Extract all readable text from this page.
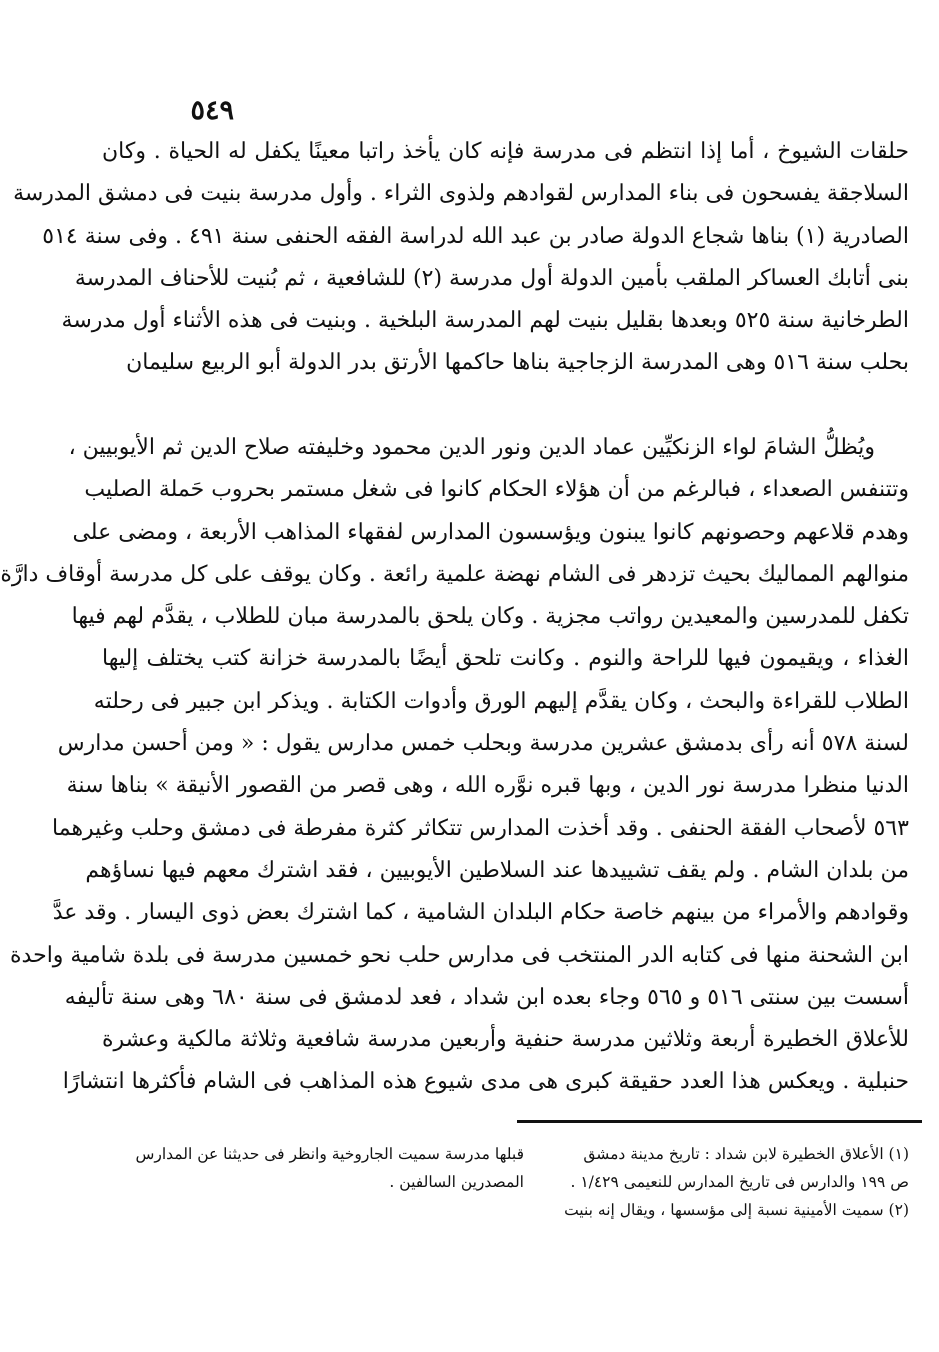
٥٤٩
حلقات الشيوخ ، أما إذا انتظم فى مدرسة فإنه كان يأخذ راتبا معينًا يكفل له الحياة . وكان
السلاجقة يفسحون فى بناء المدارس لقوادهم ولذوى الثراء . وأول مدرسة بنيت فى دمشق المدرسة
الصادرية (١) بناها شجاع الدولة صادر بن عبد الله لدراسة الفقه الحنفى سنة ٤٩١ . وفى سنة ٥١٤
بنى أتابك العساكر الملقب بأمين الدولة أول مدرسة (٢) للشافعية ، ثم بُنيت للأحناف المدرسة
الطرخانية سنة ٥٢٥ وبعدها بقليل بنيت لهم المدرسة البلخية . وبنيت فى هذه الأثناء أول مدرسة
بحلب سنة ٥١٦ وهى المدرسة الزجاجية بناها حاكمها الأرتق بدر الدولة أبو الربيع سليمان
ويُظلُّ الشامَ لواء الزنكيِّين عماد الدين ونور الدين محمود وخليفته صلاح الدين ثم الأيوبيين ،
وتتنفس الصعداء ، فبالرغم من أن هؤلاء الحكام كانوا فى شغل مستمر بحروب حَملة الصليب
وهدم قلاعهم وحصونهم كانوا يبنون ويؤسسون المدارس لفقهاء المذاهب الأربعة ، ومضى على
منوالهم المماليك بحيث تزدهر فى الشام نهضة علمية رائعة . وكان يوقف على كل مدرسة أوقاف دارَّة
تكفل للمدرسين والمعيدين رواتب مجزية . وكان يلحق بالمدرسة مبان للطلاب ، يقدَّم لهم فيها
الغذاء ، ويقيمون فيها للراحة والنوم . وكانت تلحق أيضًا بالمدرسة خزانة كتب يختلف إليها
الطلاب للقراءة والبحث ، وكان يقدَّم إليهم الورق وأدوات الكتابة . ويذكر ابن جبير فى رحلته
لسنة ٥٧٨ أنه رأى بدمشق عشرين مدرسة وبحلب خمس مدارس يقول : « ومن أحسن مدارس
الدنيا منظرا مدرسة نور الدين ، وبها قبره نوَّره الله ، وهى قصر من القصور الأنيقة » بناها سنة
٥٦٣ لأصحاب الفقة الحنفى . وقد أخذت المدارس تتكاثر كثرة مفرطة فى دمشق وحلب وغيرهما
من بلدان الشام . ولم يقف تشييدها عند السلاطين الأيوبيين ، فقد اشترك معهم فيها نساؤهم
وقوادهم والأمراء من بينهم خاصة حكام البلدان الشامية ، كما اشترك بعض ذوى اليسار . وقد عدَّ
ابن الشحنة منها فى كتابه الدر المنتخب فى مدارس حلب نحو خمسين مدرسة فى بلدة شامية واحدة
أسست بين سنتى ٥١٦ و ٥٦٥ وجاء بعده ابن شداد ، فعد لدمشق فى سنة ٦٨٠ وهى سنة تأليفه
للأعلاق الخطيرة أربعة وثلاثين مدرسة حنفية وأربعين مدرسة شافعية وثلاثة مالكية وعشرة
حنبلية . ويعكس هذا العدد حقيقة كبرى هى مدى شيوع هذه المذاهب فى الشام فأكثرها انتشارًا
(١) الأعلاق الخطيرة لابن شداد : تاريخ مدينة دمشق
ص ١٩٩ والدارس فى تاريخ المدارس للنعيمى ١/٤٢٩ .
(٢) سميت الأمينية نسبة إلى مؤسسها ، ويقال إنه بنيت
قبلها مدرسة سميت الجاروخية وانظر فى حديثنا عن المدارس
المصدرين السالفين .
